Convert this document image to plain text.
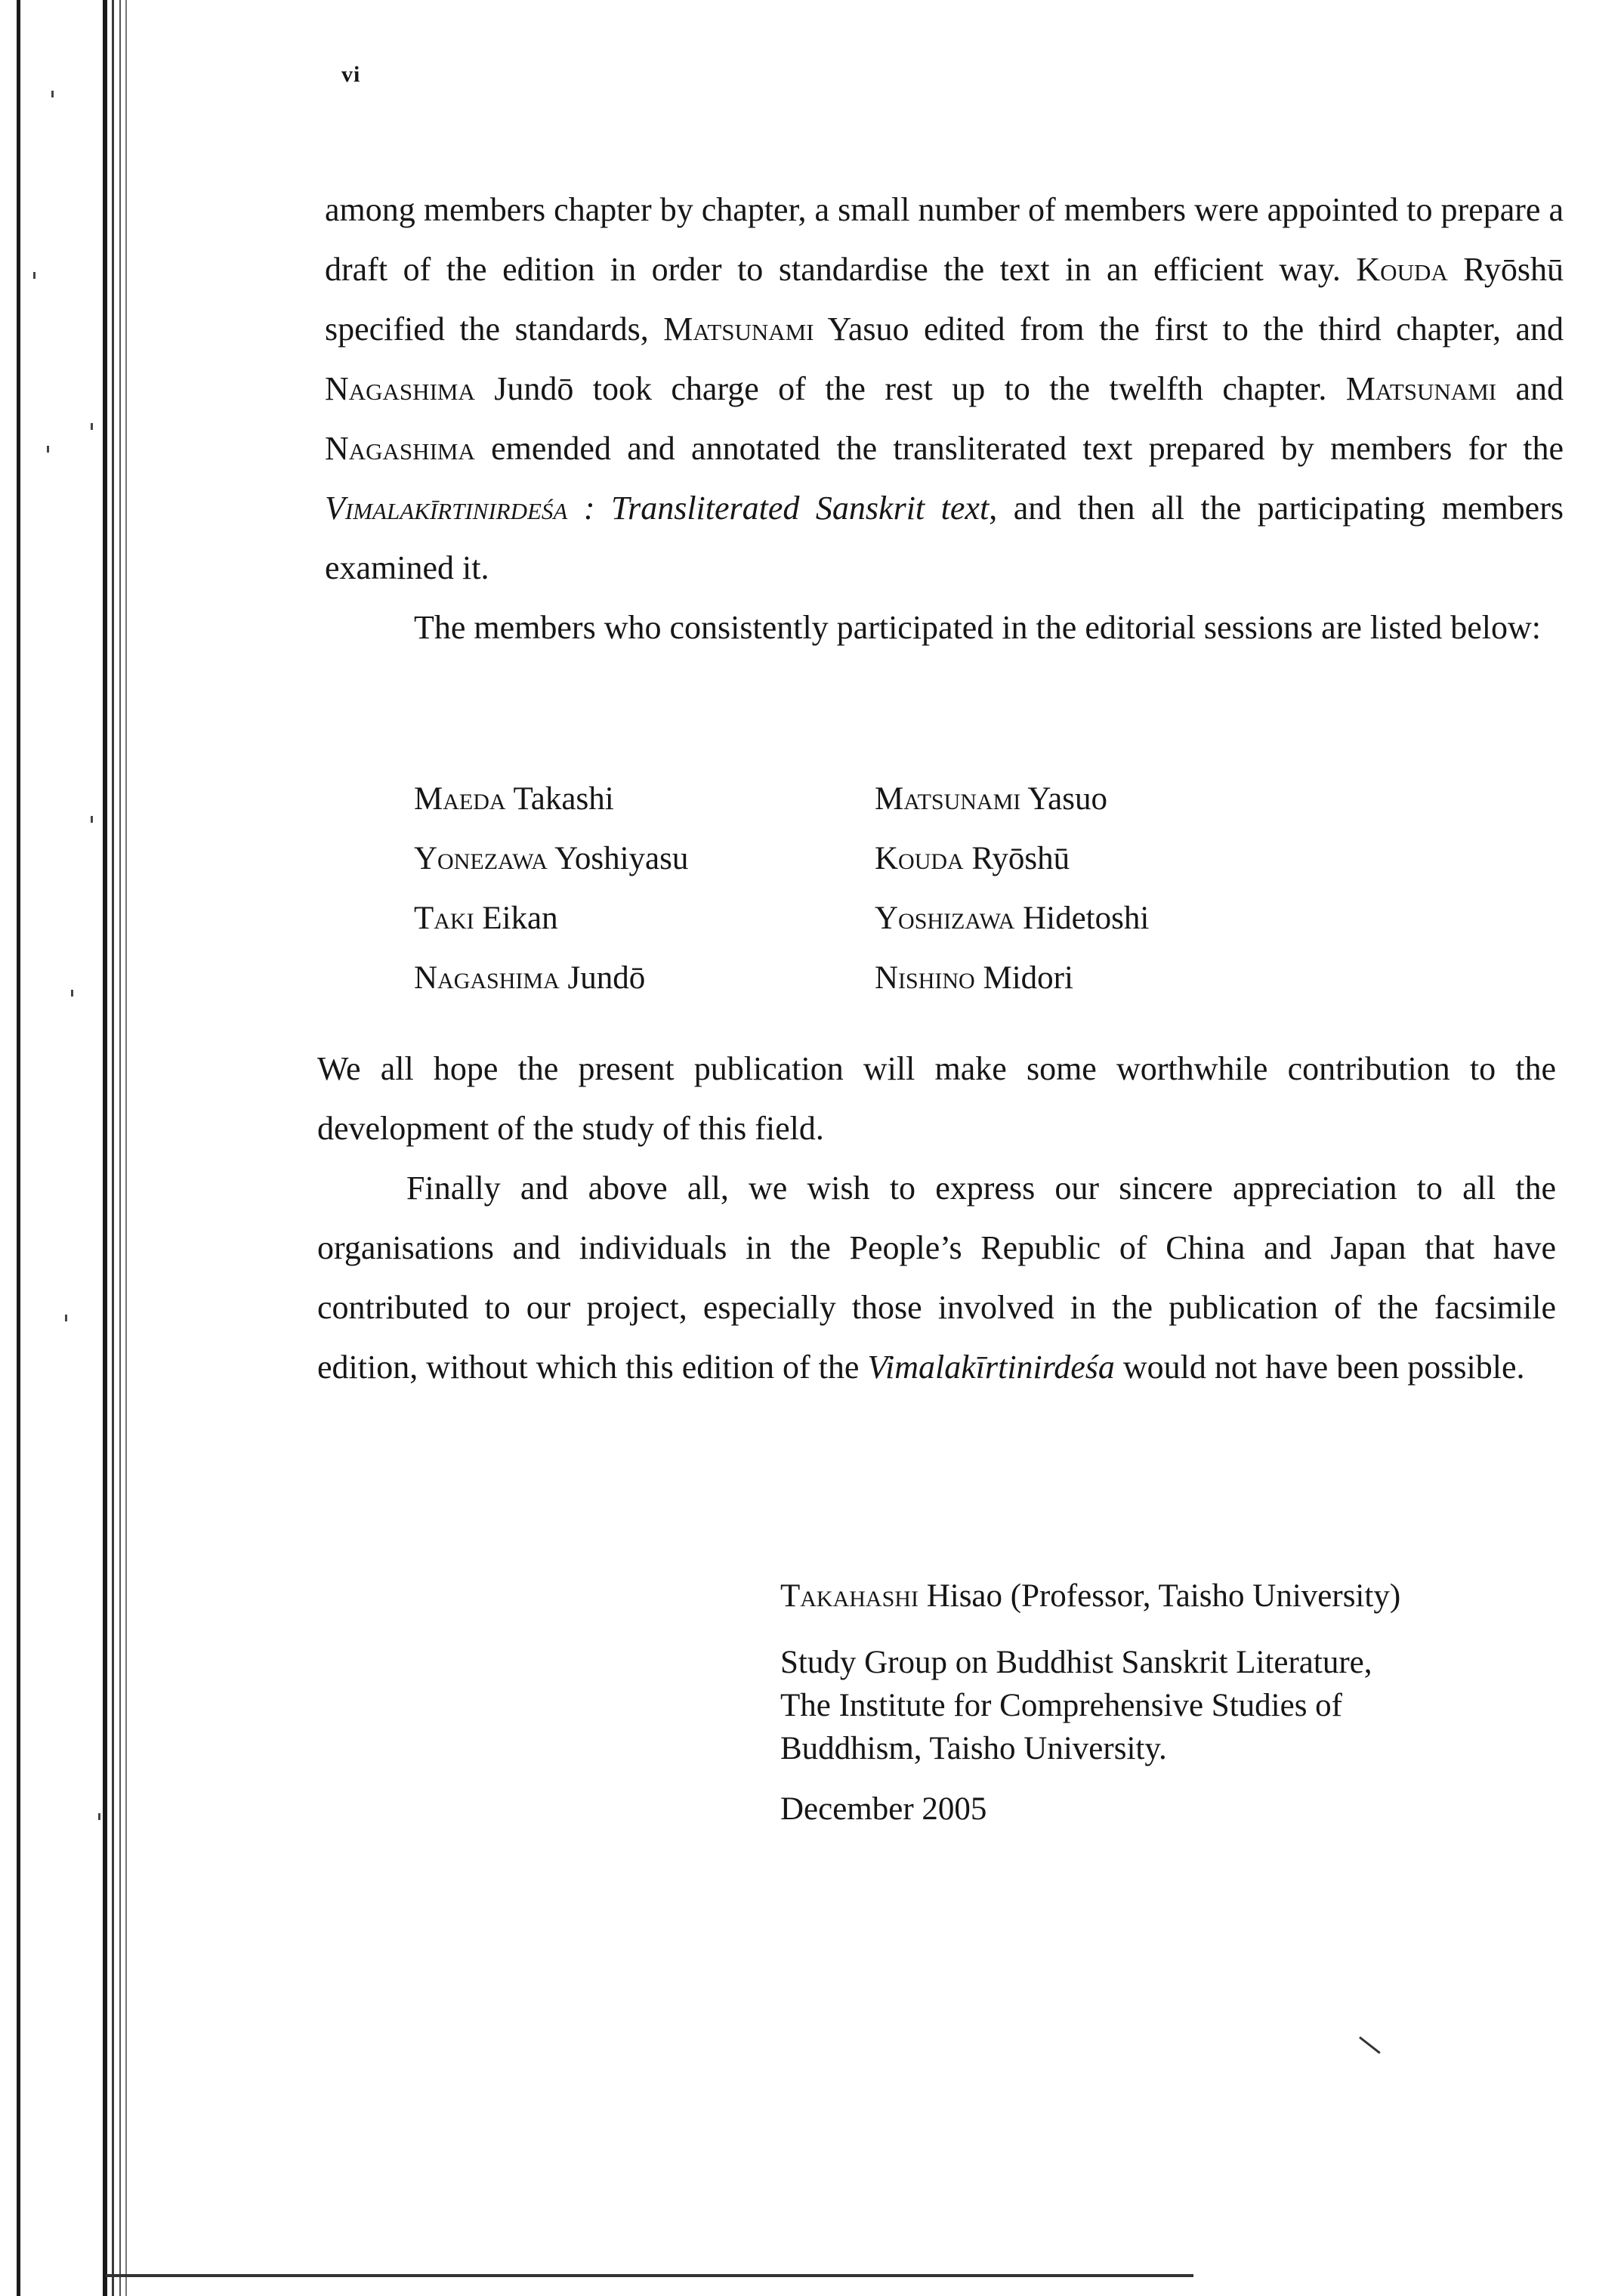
vi

among members chapter by chapter, a small number of members were appointed to prepare a draft of the edition in order to standardise the text in an efficient way. Kouda Ryōshū specified the standards, Matsunami Yasuo edited from the first to the third chapter, and Nagashima Jundō took charge of the rest up to the twelfth chapter. Matsunami and Nagashima emended and annotated the transliterated text prepared by members for the Vimalakīrtinirdeśa : Transliterated Sanskrit text, and then all the participating members examined it.

The members who consistently participated in the editorial sessions are listed below:

Maeda Takashi	Matsunami Yasuo
Yonezawa Yoshiyasu	Kouda Ryōshū
Taki Eikan	Yoshizawa Hidetoshi
Nagashima Jundō	Nishino Midori

We all hope the present publication will make some worthwhile contribution to the development of the study of this field.

Finally and above all, we wish to express our sincere appreciation to all the organisations and individuals in the People’s Republic of China and Japan that have contributed to our project, especially those involved in the publication of the facsimile edition, without which this edition of the Vimalakīrtinirdeśa would not have been possible.

Takahashi Hisao (Professor, Taisho University)

Study Group on Buddhist Sanskrit Literature,
The Institute for Comprehensive Studies of
Buddhism, Taisho University.

December 2005
